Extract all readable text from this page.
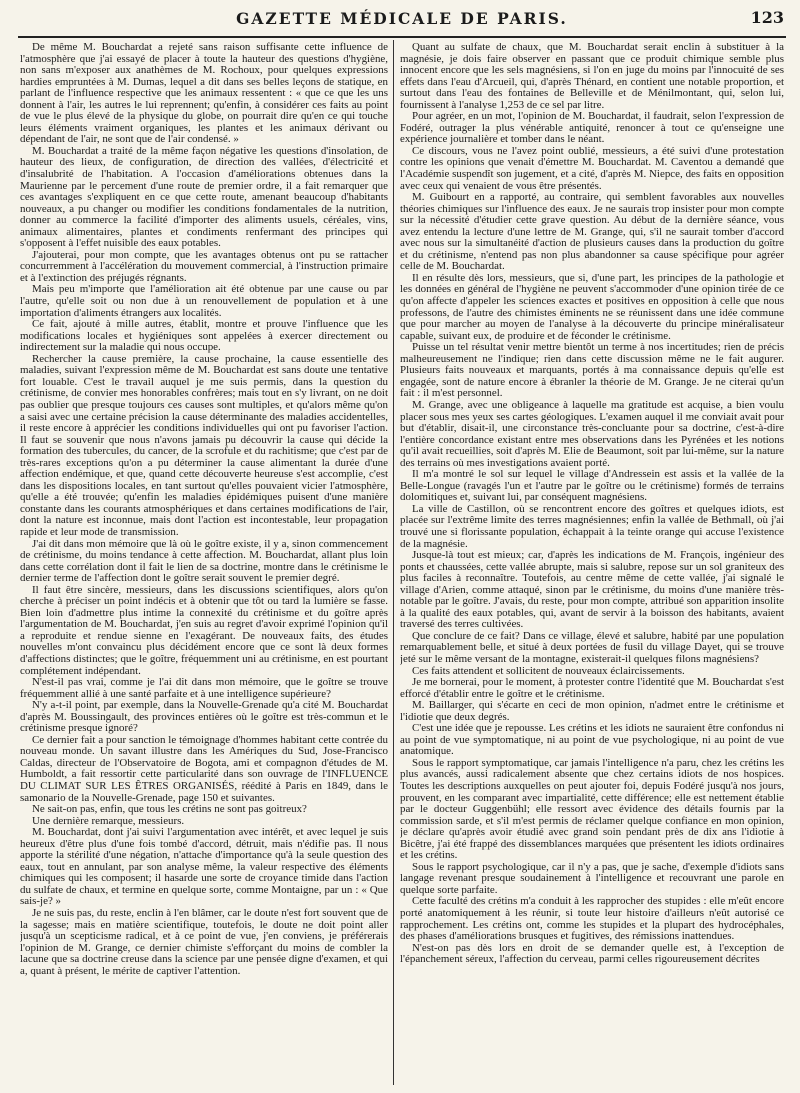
GAZETTE MÉDICALE DE PARIS.	123

De même M. Bouchardat a rejeté sans raison suffisante cette influence de l'atmosphère que j'ai essayé de placer à toute la hauteur des questions d'hygiène, non sans m'exposer aux anathèmes de M. Rochoux, pour quelques expressions hardies empruntées à M. Dumas, lequel a dit dans ses belles leçons de statique, en parlant de l'influence respective que les animaux ressentent : « que ce que les uns donnent à l'air, les autres le lui reprennent; qu'enfin, à considérer ces faits au point de vue le plus élevé de la physique du globe, on pourrait dire qu'en ce qui touche leurs éléments vraiment organiques, les plantes et les animaux dérivant ou dépendant de l'air, ne sont que de l'air condensé. »

M. Bouchardat a traité de la même façon négative les questions d'insolation, de hauteur des lieux, de configuration, de direction des vallées, d'électricité et d'insalubrité de l'habitation. A l'occasion d'améliorations obtenues dans la Maurienne par le percement d'une route de premier ordre, il a fait remarquer que ces avantages s'expliquent en ce que cette route, amenant beaucoup d'habitants nouveaux, a pu changer ou modifier les conditions fondamentales de la nutrition, donner au commerce la facilité d'importer des aliments usuels, céréales, vins, animaux alimentaires, plantes et condiments renfermant des principes qui s'opposent à l'effet nuisible des eaux potables.

J'ajouterai, pour mon compte, que les avantages obtenus ont pu se rattacher concurremment à l'accélération du mouvement commercial, à l'instruction primaire et à l'extinction des préjugés régnants.

Mais peu m'importe que l'amélioration ait été obtenue par une cause ou par l'autre, qu'elle soit ou non due à un renouvellement de population et à une importation d'aliments étrangers aux localités.

Ce fait, ajouté à mille autres, établit, montre et prouve l'influence que les modifications locales et hygiéniques sont appelées à exercer directement ou indirectement sur la maladie qui nous occupe.

Rechercher la cause première, la cause prochaine, la cause essentielle des maladies, suivant l'expression même de M. Bouchardat est sans doute une tentative fort louable. C'est le travail auquel je me suis permis, dans la question du crétinisme, de convier mes honorables confrères; mais tout en s'y livrant, on ne doit pas oublier que presque toujours ces causes sont multiples, et qu'alors même qu'on a saisi avec une certaine précision la cause déterminante des maladies accidentelles, il reste encore à apprécier les conditions individuelles qui ont pu favoriser l'action. Il faut se souvenir que nous n'avons jamais pu découvrir la cause qui décide la formation des tubercules, du cancer, de la scrofule et du rachitisme; que c'est par de très-rares exceptions qu'on a pu déterminer la cause alimentant la durée d'une affection endémique, et que, quand cette découverte heureuse s'est accomplie, c'est dans les dispositions locales, en tant surtout qu'elles pouvaient vicier l'atmosphère, qu'elle a été trouvée; qu'enfin les maladies épidémiques puisent d'une manière constante dans les courants atmosphériques et dans certaines modifications de l'air, dont la nature est inconnue, mais dont l'action est incontestable, leur propagation rapide et leur mode de transmission.

J'ai dit dans mon mémoire que là où le goître existe, il y a, sinon commencement de crétinisme, du moins tendance à cette affection. M. Bouchardat, allant plus loin dans cette corrélation dont il fait le lien de sa doctrine, montre dans le crétinisme le dernier terme de l'affection dont le goître serait souvent le premier degré.

Il faut être sincère, messieurs, dans les discussions scientifiques, alors qu'on cherche à préciser un point indécis et à obtenir que tôt ou tard la lumière se fasse. Bien loin d'admettre plus intime la connexité du crétinisme et du goître après l'argumentation de M. Bouchardat, j'en suis au regret d'avoir exprimé l'opinion qu'il a reproduite et rendue sienne en l'exagérant. De nouveaux faits, des études nouvelles m'ont convaincu plus décidément encore que ce sont là deux formes d'affections distinctes; que le goître, fréquemment uni au crétinisme, en est pourtant complétement indépendant.

N'est-il pas vrai, comme je l'ai dit dans mon mémoire, que le goître se trouve fréquemment allié à une santé parfaite et à une intelligence supérieure?

N'y a-t-il point, par exemple, dans la Nouvelle-Grenade qu'a cité M. Bouchardat d'après M. Boussingault, des provinces entières où le goître est très-commun et le crétinisme presque ignoré?

Ce dernier fait a pour sanction le témoignage d'hommes habitant cette contrée du nouveau monde. Un savant illustre dans les Amériques du Sud, Jose-Francisco Caldas, directeur de l'Observatoire de Bogota, ami et compagnon d'études de M. Humboldt, a fait ressortir cette particularité dans son ouvrage de l'INFLUENCE DU CLIMAT SUR LES ÊTRES ORGANISÉS, réédité à Paris en 1849, dans le samonario de la Nouvelle-Grenade, page 150 et suivantes.

Ne sait-on pas, enfin, que tous les crétins ne sont pas goitreux?

Une dernière remarque, messieurs.

M. Bouchardat, dont j'ai suivi l'argumentation avec intérêt, et avec lequel je suis heureux d'être plus d'une fois tombé d'accord, détruit, mais n'édifie pas. Il nous apporte la stérilité d'une négation, n'attache d'importance qu'à la seule question des eaux, tout en annulant, par son analyse même, la valeur respective des éléments chimiques qui les composent; il hasarde une sorte de croyance timide dans l'action du sulfate de chaux, et termine en quelque sorte, comme Montaigne, par un : « Que sais-je? »

Je ne suis pas, du reste, enclin à l'en blâmer, car le doute n'est fort souvent que de la sagesse; mais en matière scientifique, toutefois, le doute ne doit point aller jusqu'à un scepticisme radical, et à ce point de vue, j'en conviens, je préférerais l'opinion de M. Grange, ce dernier chimiste s'efforçant du moins de combler la lacune que sa doctrine creuse dans la science par une pensée digne d'examen, et qui a, quant à présent, le mérite de captiver l'attention.

Quant au sulfate de chaux, que M. Bouchardat serait enclin à substituer à la magnésie, je dois faire observer en passant que ce produit chimique semble plus innocent encore que les sels magnésiens, si l'on en juge du moins par l'innocuité de ses effets dans l'eau d'Arcueil, qui, d'après Thénard, en contient une notable proportion, et surtout dans l'eau des fontaines de Belleville et de Ménilmontant, qui, selon lui, fournissent à l'analyse 1,253 de ce sel par litre.

Pour agréer, en un mot, l'opinion de M. Bouchardat, il faudrait, selon l'expression de Fodéré, outrager la plus vénérable antiquité, renoncer à tout ce qu'enseigne une expérience journalière et tomber dans le néant.

Ce discours, vous ne l'avez point oublié, messieurs, a été suivi d'une protestation contre les opinions que venait d'émettre M. Bouchardat. M. Caventou a demandé que l'Académie suspendît son jugement, et a cité, d'après M. Niepce, des faits en opposition avec ceux qui venaient de vous être présentés.

M. Guibourt en a rapporté, au contraire, qui semblent favorables aux nouvelles théories chimiques sur l'influence des eaux. Je ne saurais trop insister pour mon compte sur la nécessité d'étudier cette grave question. Au début de la dernière séance, vous avez entendu la lecture d'une lettre de M. Grange, qui, s'il ne saurait tomber d'accord avec nous sur la simultanéité d'action de plusieurs causes dans la production du goître et du crétinisme, n'entend pas non plus abandonner sa cause spécifique pour agréer celle de M. Bouchardat.

Il en résulte dès lors, messieurs, que si, d'une part, les principes de la pathologie et les données en général de l'hygiène ne peuvent s'accommoder d'une opinion tirée de ce qu'on affecte d'appeler les sciences exactes et positives en opposition à celle que nous professons, de l'autre des chimistes éminents ne se réunissent dans une idée commune que pour marcher au moyen de l'analyse à la découverte du principe minéralisateur capable, suivant eux, de produire et de féconder le crétinisme.

Puisse un tel résultat venir mettre bientôt un terme à nos incertitudes; rien de précis malheureusement ne l'indique; rien dans cette discussion même ne le fait augurer. Plusieurs faits nouveaux et marquants, portés à ma connaissance depuis qu'elle est engagée, sont de nature encore à ébranler la théorie de M. Grange. Je ne citerai qu'un fait : il m'est personnel.

M. Grange, avec une obligeance à laquelle ma gratitude est acquise, a bien voulu placer sous mes yeux ses cartes géologiques. L'examen auquel il me conviait avait pour but d'établir, disait-il, une circonstance très-concluante pour sa doctrine, c'est-à-dire l'entière concordance existant entre mes observations dans les Pyrénées et les notions qu'il avait recueillies, soit d'après M. Elie de Beaumont, soit par lui-même, sur la nature des terrains où mes investigations avaient porté.

Il m'a montré le sol sur lequel le village d'Andressein est assis et la vallée de la Belle-Longue (ravagés l'un et l'autre par le goître ou le crétinisme) formés de terrains dolomitiques et, suivant lui, par conséquent magnésiens.

La ville de Castillon, où se rencontrent encore des goîtres et quelques idiots, est placée sur l'extrême limite des terres magnésiennes; enfin la vallée de Bethmall, où j'ai trouvé une si florissante population, échappait à la teinte orange qui accuse l'existence de la magnésie.

Jusque-là tout est mieux; car, d'après les indications de M. François, ingénieur des ponts et chaussées, cette vallée abrupte, mais si salubre, repose sur un sol graniteux des plus faciles à reconnaître. Toutefois, au centre même de cette vallée, j'ai signalé le village d'Arien, comme attaqué, sinon par le crétinisme, du moins d'une manière très-notable par le goître. J'avais, du reste, pour mon compte, attribué son apparition insolite à la qualité des eaux potables, qui, avant de servir à la boisson des habitants, avaient traversé des terres cultivées.

Que conclure de ce fait? Dans ce village, élevé et salubre, habité par une population remarquablement belle, et situé à deux portées de fusil du village Dayet, qui se trouve jeté sur le même versant de la montagne, existerait-il quelques filons magnésiens?

Ces faits attendent et sollicitent de nouveaux éclaircissements.

Je me bornerai, pour le moment, à protester contre l'identité que M. Bouchardat s'est efforcé d'établir entre le goître et le crétinisme.

M. Baillarger, qui s'écarte en ceci de mon opinion, n'admet entre le crétinisme et l'idiotie que deux degrés.

C'est une idée que je repousse. Les crétins et les idiots ne sauraient être confondus ni au point de vue symptomatique, ni au point de vue psychologique, ni au point de vue anatomique.

Sous le rapport symptomatique, car jamais l'intelligence n'a paru, chez les crétins les plus avancés, aussi radicalement absente que chez certains idiots de nos hospices. Toutes les descriptions auxquelles on peut ajouter foi, depuis Fodéré jusqu'à nos jours, prouvent, en les comparant avec impartialité, cette différence; elle est nettement établie par le docteur Guggenbühl; elle ressort avec évidence des détails fournis par la commission sarde, et s'il m'est permis de réclamer quelque confiance en mon opinion, je déclare qu'après avoir étudié avec grand soin pendant près de dix ans l'idiotie à Bicêtre, j'ai été frappé des dissemblances marquées que présentent les idiots ordinaires et les crétins.

Sous le rapport psychologique, car il n'y a pas, que je sache, d'exemple d'idiots sans langage revenant presque soudainement à l'intelligence et recouvrant une parole en quelque sorte parfaite.

Cette faculté des crétins m'a conduit à les rapprocher des stupides : elle m'eût encore porté anatomiquement à les réunir, si toute leur histoire d'ailleurs n'eût autorisé ce rapprochement. Les crétins ont, comme les stupides et la plupart des hydrocéphales, des phases d'améliorations brusques et fugitives, des rémissions inattendues.

N'est-on pas dès lors en droit de se demander quelle est, à l'exception de l'épanchement séreux, l'affection du cerveau, parmi celles rigoureusement décrites
